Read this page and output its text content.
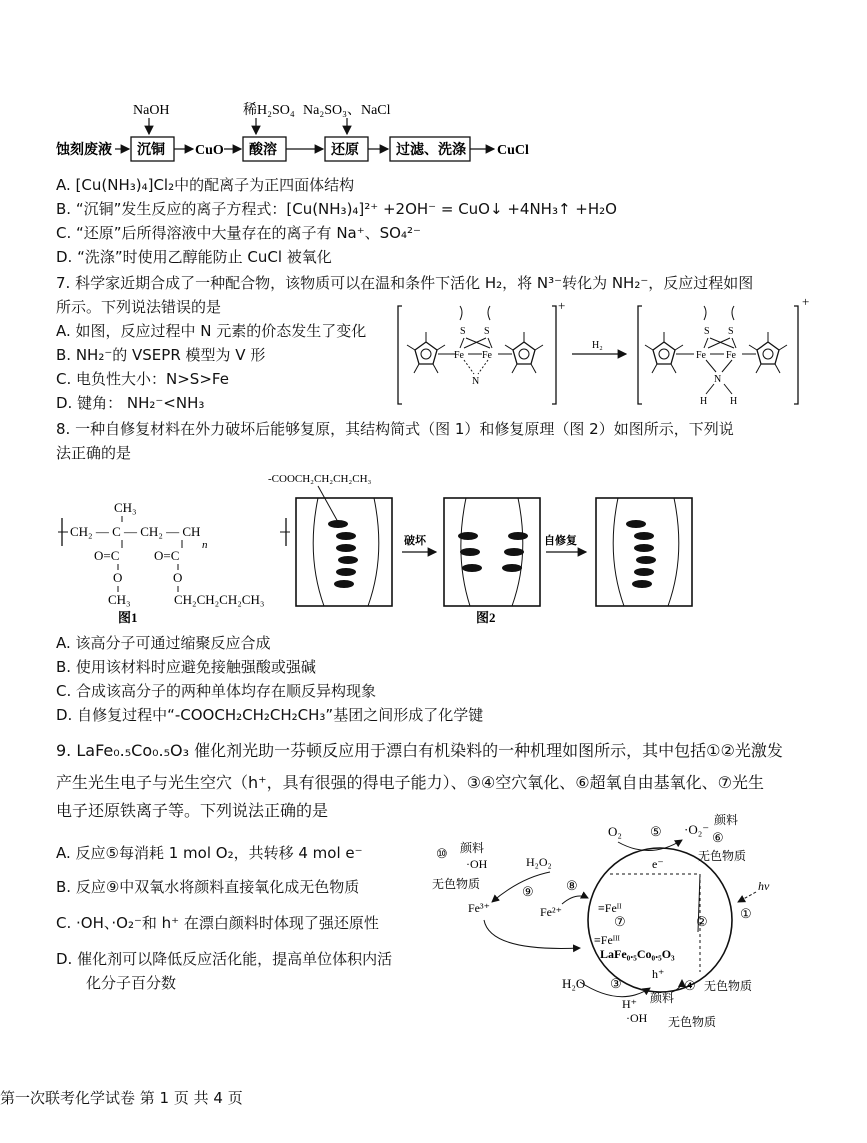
NaOH	稀H₂SO₄ Na₂SO₃、NaCl
蚀刻废液 沉铜 CuO 酸溶	还原	过滤、洗涤 CuCl
A. [Cu(NH₃)₄]Cl₂中的配离子为正四面体结构
B. “沉铜”发生反应的离子方程式：[Cu(NH₃)₄]²⁺ +2OH⁻ = CuO↓ +4NH₃↑ +H₂O
C. “还原”后所得溶液中大量存在的离子有 Na⁺、SO₄²⁻
D. “洗涤”时使用乙醇能防止 CuCl 被氧化
7. 科学家近期合成了一种配合物，该物质可以在温和条件下活化 H₂，将 N³⁻转化为 NH₂⁻，反应过程如图
所示。下列说法错误的是
A. 如图，反应过程中 N 元素的价态发生了变化
B. NH₂⁻的 VSEPR 模型为 V 形
C. 电负性大小：N>S>Fe
D. 键角： NH₂⁻<NH₃
+
S S
Fe Fe
N
H₂
+
S S
Fe Fe
N
H H
8. 一种自修复材料在外力破坏后能够复原，其结构简式（图 1）和修复原理（图 2）如图所示，下列说
法正确的是
CH₃
CH₂ — C — CH₂ — CH
n
O=C	O=C
O	O
CH₃	CH₂CH₂CH₂CH₃
图1
-COOCH₂CH₂CH₂CH₃
破坏	自修复
图2
A. 该高分子可通过缩聚反应合成
B. 使用该材料时应避免接触强酸或强碱
C. 合成该高分子的两种单体均存在顺反异构现象
D. 自修复过程中“-COOCH₂CH₂CH₂CH₃”基团之间形成了化学键
9. LaFe₀.₅Co₀.₅O₃ 催化剂光助一芬顿反应用于漂白有机染料的一种机理如图所示，其中包括①②光激发
产生光生电子与光生空穴（h⁺，具有很强的得电子能力）、③④空穴氧化、⑥超氧自由基氧化、⑦光生
电子还原铁离子等。下列说法正确的是
A. 反应⑤每消耗 1 mol O₂，共转移 4 mol e⁻
B. 反应⑨中双氧水将颜料直接氧化成无色物质
C. ·OH、·O₂⁻和 h⁺ 在漂白颜料时体现了强还原性
D. 催化剂可以降低反应活化能，提高单位体积内活
化分子百分数
O₂ ⑤ ·O₂⁻
颜料
⑥
无色物质
⑩ 颜料
·OH	H₂O₂
无色物质	⑨ ⑧
Fe³⁺	Fe²⁺
e⁻
≡Feᴵᴵ
⑦
≡Feᴵᴵᴵ
LaFe₀.₅Co₀.₅O₃
h⁺
②
①
hν
H₂O ③	④ 无色物质
H⁺ 颜料
·OH 无色物质
第一次联考化学试卷 第 1 页 共 4 页
